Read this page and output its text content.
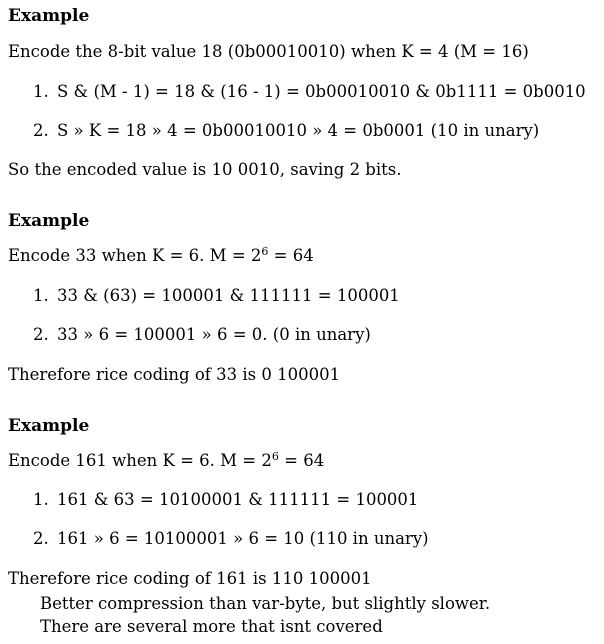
Example
Encode the 8-bit value 18 (0b00010010) when K = 4 (M = 16)
1. S & (M - 1) = 18 & (16 - 1) = 0b00010010 & 0b1111 = 0b0010
2. S » K = 18 » 4 = 0b00010010 » 4 = 0b0001 (10 in unary)
So the encoded value is 10 0010, saving 2 bits.
Example
Encode 33 when K = 6. $M = 2^6 = 64$
1. 33 & (63) = 100001 & 111111 = 100001
2. 33 » 6 = 100001 » 6 = 0. (0 in unary)
Therefore rice coding of 33 is 0 100001
Example
Encode 161 when K = 6. $M = 2^6 = 64$
1. 161 & 63 = 10100001 & 111111 = 100001
2. 161 » 6 = 10100001 » 6 = 10 (110 in unary)
Therefore rice coding of 161 is 110 100001
Better compression than var-byte, but slightly slower.
There are several more that isnt covered
